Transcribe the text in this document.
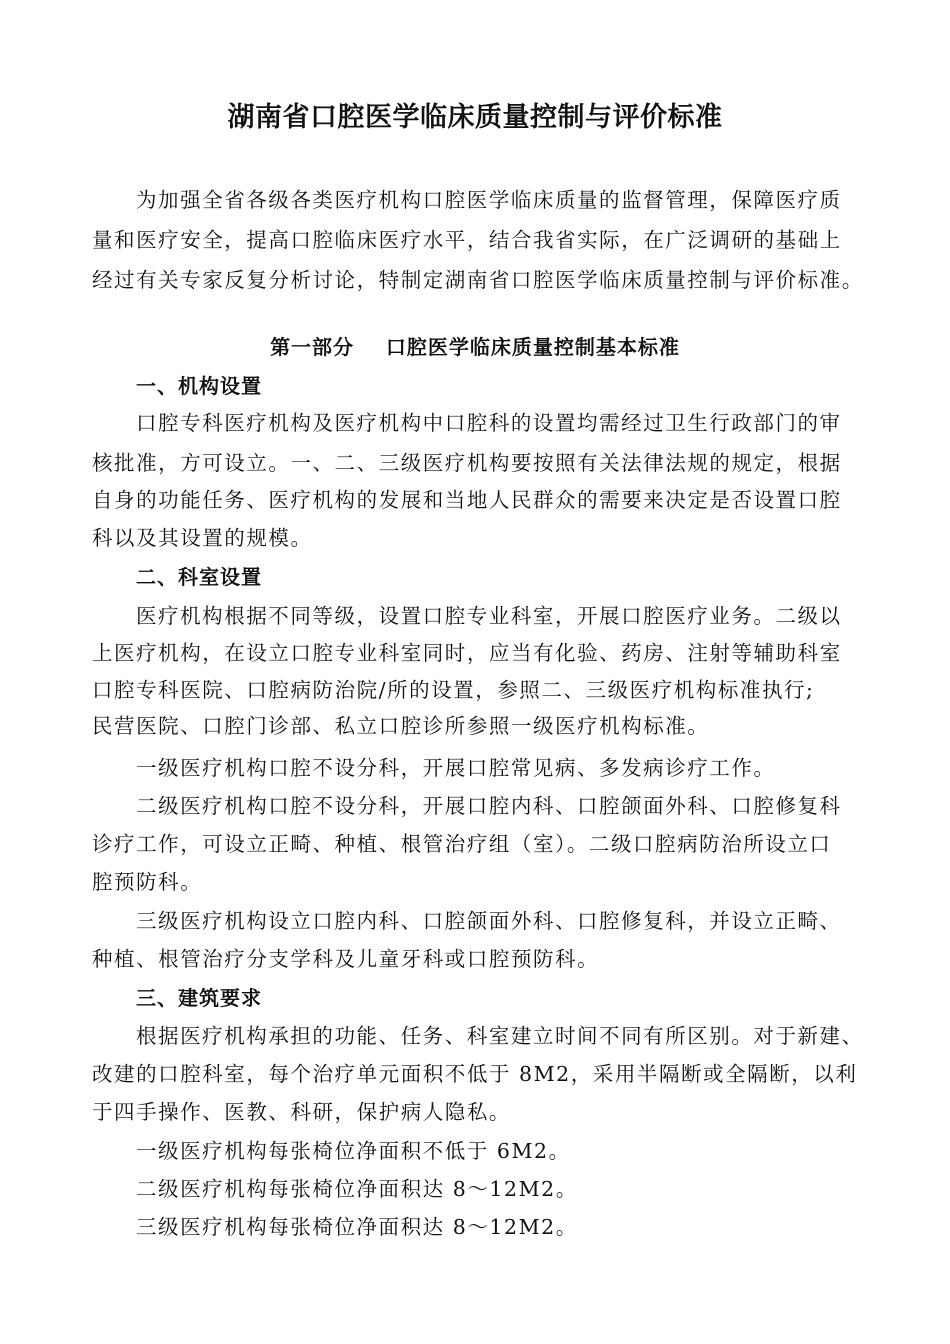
湖南省口腔医学临床质量控制与评价标准

为加强全省各级各类医疗机构口腔医学临床质量的监督管理，保障医疗质

量和医疗安全，提高口腔临床医疗水平，结合我省实际，在广泛调研的基础上

经过有关专家反复分析讨论，特制定湖南省口腔医学临床质量控制与评价标准。

第一部分    口腔医学临床质量控制基本标准
一、机构设置

口腔专科医疗机构及医疗机构中口腔科的设置均需经过卫生行政部门的审

核批准，方可设立。一、二、三级医疗机构要按照有关法律法规的规定，根据

自身的功能任务、医疗机构的发展和当地人民群众的需要来决定是否设置口腔

科以及其设置的规模。

二、科室设置

医疗机构根据不同等级，设置口腔专业科室，开展口腔医疗业务。二级以

上医疗机构，在设立口腔专业科室同时，应当有化验、药房、注射等辅助科室

口腔专科医院、口腔病防治院/所的设置，参照二、三级医疗机构标准执行;

民营医院、口腔门诊部、私立口腔诊所参照一级医疗机构标准。

一级医疗机构口腔不设分科，开展口腔常见病、多发病诊疗工作。

二级医疗机构口腔不设分科，开展口腔内科、口腔颌面外科、口腔修复科

诊疗工作，可设立正畸、种植、根管治疗组（室）。二级口腔病防治所设立口

腔预防科。

三级医疗机构设立口腔内科、口腔颌面外科、口腔修复科，并设立正畸、

种植、根管治疗分支学科及儿童牙科或口腔预防科。

三、建筑要求

根据医疗机构承担的功能、任务、科室建立时间不同有所区别。对于新建、

改建的口腔科室，每个治疗单元面积不低于 8M2，采用半隔断或全隔断，以利

于四手操作、医教、科研，保护病人隐私。

一级医疗机构每张椅位净面积不低于 6M2。

二级医疗机构每张椅位净面积达 8～12M2。

三级医疗机构每张椅位净面积达 8～12M2。
